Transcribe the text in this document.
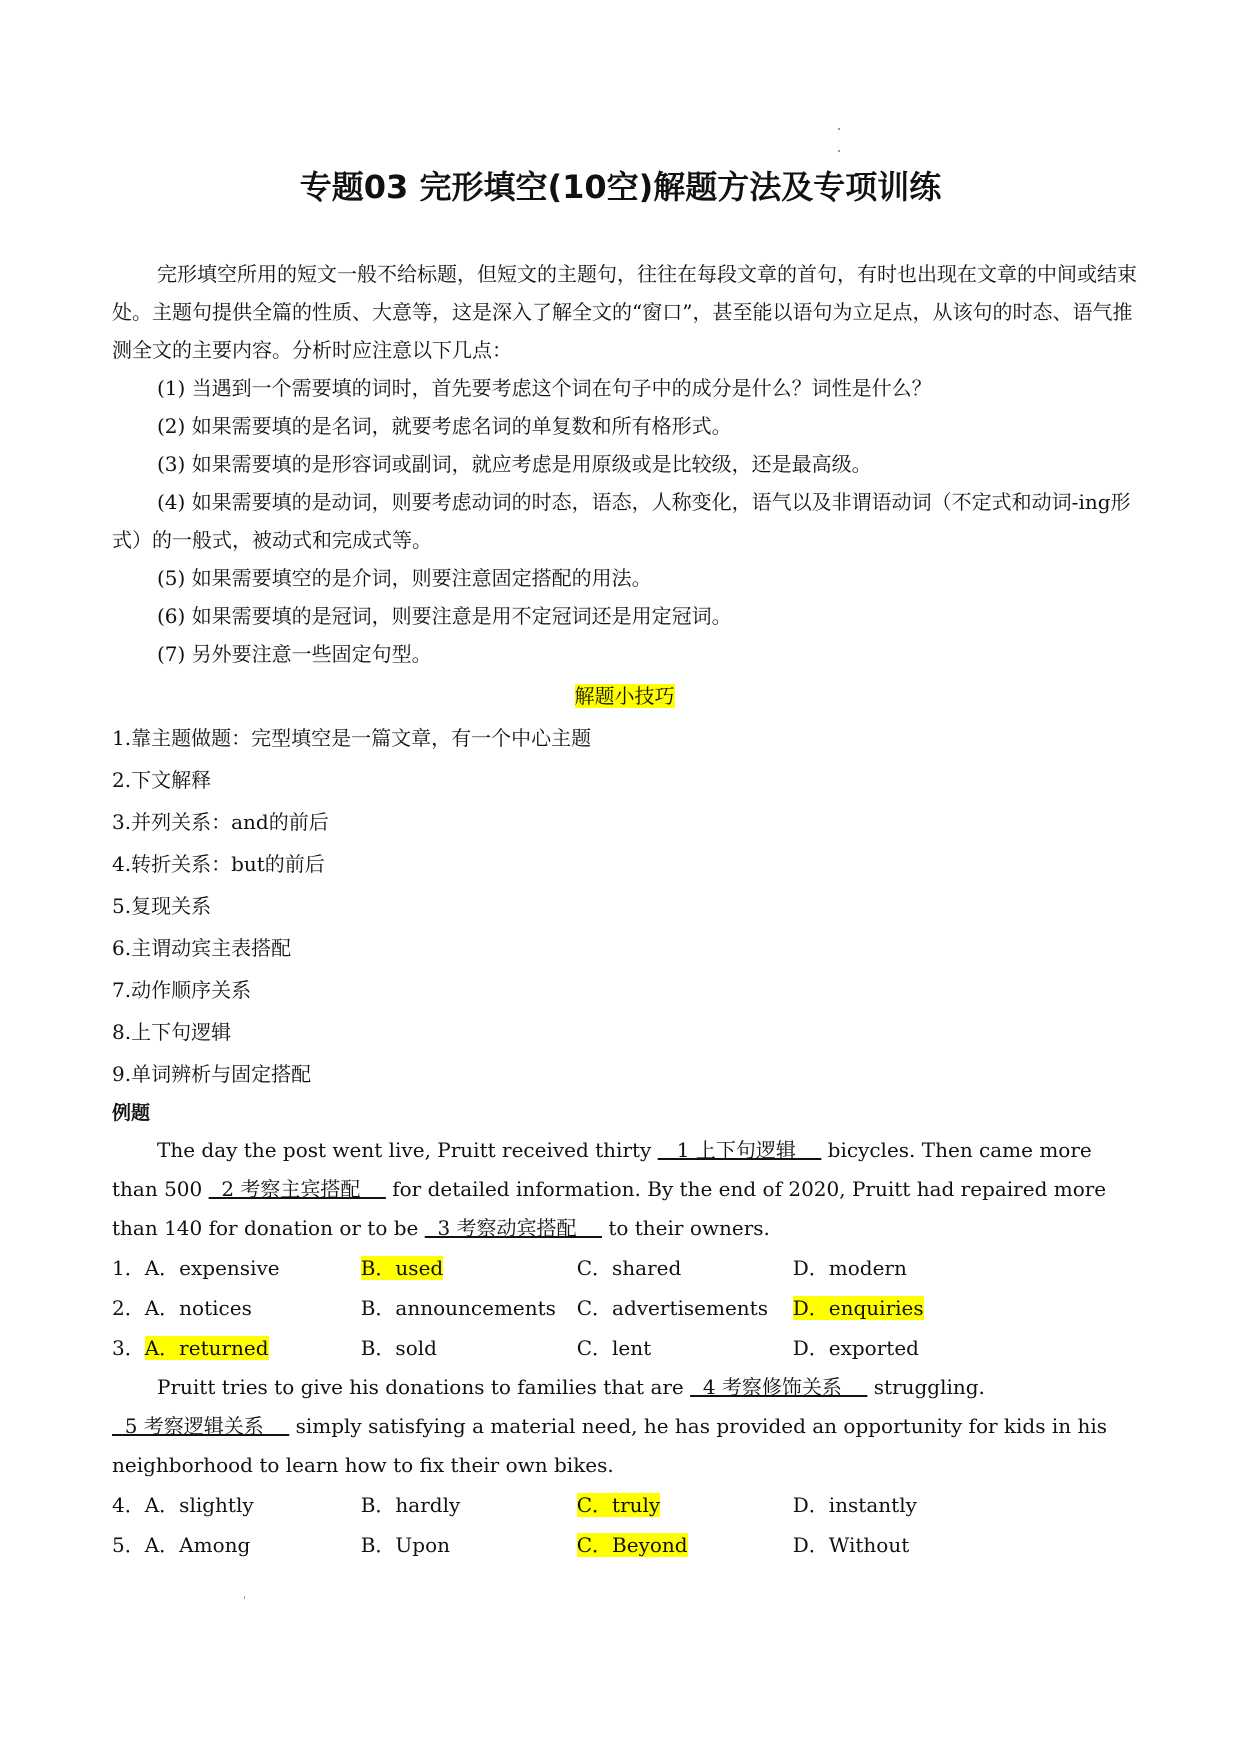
专题03 完形填空(10空)解题方法及专项训练

完形填空所用的短文一般不给标题，但短文的主题句，往往在每段文章的首句，有时也出现在文章的中间或结束处。主题句提供全篇的性质、大意等，这是深入了解全文的“窗口”，甚至能以语句为立足点，从该句的时态、语气推测全文的主要内容。分析时应注意以下几点：

(1) 当遇到一个需要填的词时，首先要考虑这个词在句子中的成分是什么？词性是什么？

(2) 如果需要填的是名词，就要考虑名词的单复数和所有格形式。

(3) 如果需要填的是形容词或副词，就应考虑是用原级或是比较级，还是最高级。

(4) 如果需要填的是动词，则要考虑动词的时态，语态，人称变化，语气以及非谓语动词（不定式和动词-ing形式）的一般式，被动式和完成式等。

(5) 如果需要填空的是介词，则要注意固定搭配的用法。

(6) 如果需要填的是冠词，则要注意是用不定冠词还是用定冠词。

(7) 另外要注意一些固定句型。

解题小技巧

1.靠主题做题：完型填空是一篇文章，有一个中心主题

2.下文解释

3.并列关系：and的前后

4.转折关系：but的前后

5.复现关系

6.主谓动宾主表搭配

7.动作顺序关系

8.上下句逻辑

9.单词辨析与固定搭配

例题

The day the post went live, Pruitt received thirty    1 上下句逻辑     bicycles. Then came more than 500   2 考察主宾搭配     for detailed information. By the end of 2020, Pruitt had repaired more than 140 for donation or to be   3 考察动宾搭配     to their owners.

1． A．expensive	B．used	C．shared	D．modern
2． A．notices	B．announcements	C．advertisements	D．enquiries
3． A．returned	B．sold	C．lent	D．exported

Pruitt tries to give his donations to families that are   4 考察修饰关系     struggling.   5 考察逻辑关系     simply satisfying a material need, he has provided an opportunity for kids in his neighborhood to learn how to fix their own bikes.

4． A．slightly	B．hardly	C．truly	D．instantly
5． A．Among	B．Upon	C．Beyond	D．Without
